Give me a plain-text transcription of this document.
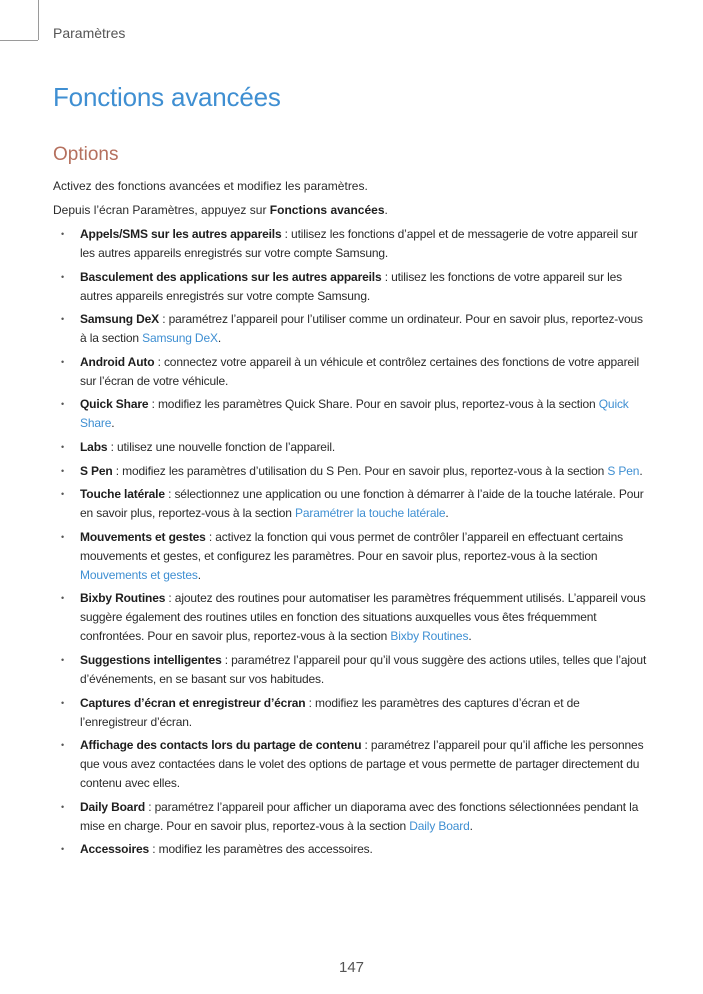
Paramètres
Fonctions avancées
Options

Activez des fonctions avancées et modifiez les paramètres.

Depuis l’écran Paramètres, appuyez sur Fonctions avancées.

• Appels/SMS sur les autres appareils : utilisez les fonctions d’appel et de messagerie de votre appareil sur les autres appareils enregistrés sur votre compte Samsung.
• Basculement des applications sur les autres appareils : utilisez les fonctions de votre appareil sur les autres appareils enregistrés sur votre compte Samsung.
• Samsung DeX : paramétrez l’appareil pour l’utiliser comme un ordinateur. Pour en savoir plus, reportez-vous à la section Samsung DeX.
• Android Auto : connectez votre appareil à un véhicule et contrôlez certaines des fonctions de votre appareil sur l’écran de votre véhicule.
• Quick Share : modifiez les paramètres Quick Share. Pour en savoir plus, reportez-vous à la section Quick Share.
• Labs : utilisez une nouvelle fonction de l’appareil.
• S Pen : modifiez les paramètres d’utilisation du S Pen. Pour en savoir plus, reportez-vous à la section S Pen.
• Touche latérale : sélectionnez une application ou une fonction à démarrer à l’aide de la touche latérale. Pour en savoir plus, reportez-vous à la section Paramétrer la touche latérale.
• Mouvements et gestes : activez la fonction qui vous permet de contrôler l’appareil en effectuant certains mouvements et gestes, et configurez les paramètres. Pour en savoir plus, reportez-vous à la section Mouvements et gestes.
• Bixby Routines : ajoutez des routines pour automatiser les paramètres fréquemment utilisés. L’appareil vous suggère également des routines utiles en fonction des situations auxquelles vous êtes fréquemment confrontées. Pour en savoir plus, reportez-vous à la section Bixby Routines.
• Suggestions intelligentes : paramétrez l’appareil pour qu’il vous suggère des actions utiles, telles que l’ajout d’événements, en se basant sur vos habitudes.
• Captures d’écran et enregistreur d’écran : modifiez les paramètres des captures d’écran et de l’enregistreur d’écran.
• Affichage des contacts lors du partage de contenu : paramétrez l’appareil pour qu’il affiche les personnes que vous avez contactées dans le volet des options de partage et vous permette de partager directement du contenu avec elles.
• Daily Board : paramétrez l’appareil pour afficher un diaporama avec des fonctions sélectionnées pendant la mise en charge. Pour en savoir plus, reportez-vous à la section Daily Board.
• Accessoires : modifiez les paramètres des accessoires.
147
